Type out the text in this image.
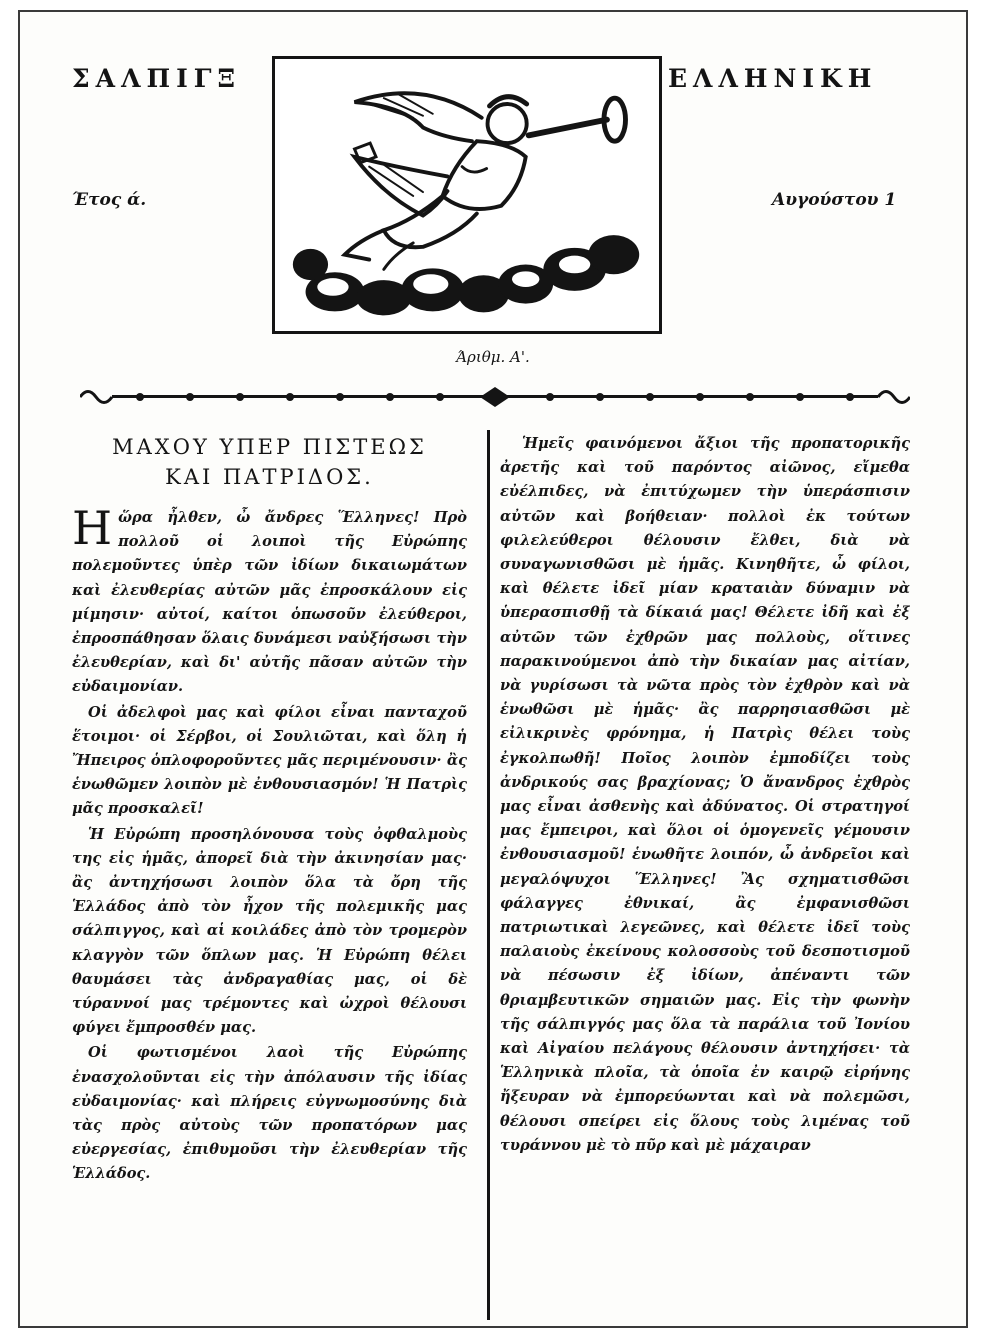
ΣΑΛΠΙΓΞ	ΕΛΛΗΝΙΚΗ
Έτος ά.	Αυγούστου 1
Άριθμ. Α'.
ΜΑΧΟΥ ΥΠΕΡ ΠΙΣΤΕΩΣ
ΚΑΙ ΠΑΤΡΙΔΟΣ.

Ηὥρα ἦλθεν, ὦ ἄνδρες Ἕλληνες! Πρὸ πολλοῦ οἱ λοιποὶ τῆς Εὐρώπης πολεμοῦντες ὑπὲρ τῶν ἰδίων δικαιωμάτων καὶ ἐλευθερίας αὐτῶν μᾶς ἐπροσκάλουν εἰς μίμησιν· αὐτοί, καίτοι ὁπωσοῦν ἐλεύθεροι, ἐπροσπάθησαν ὅλαις δυνάμεσι ναὐξήσωσι τὴν ἐλευθερίαν, καὶ δι' αὐτῆς πᾶσαν αὐτῶν τὴν εὐδαιμονίαν.

Οἱ ἀδελφοὶ μας καὶ φίλοι εἶναι πανταχοῦ ἕτοιμοι· οἱ Σέρβοι, οἱ Σουλιῶται, καὶ ὅλη ἡ Ἤπειρος ὁπλοφοροῦντες μᾶς περιμένουσιν· ἂς ἑνωθῶμεν λοιπὸν μὲ ἐνθουσιασμόν! Ἡ Πατρὶς μᾶς προσκαλεῖ!

Ἡ Εὐρώπη προσηλόνουσα τοὺς ὀφθαλμοὺς της εἰς ἡμᾶς, ἀπορεῖ διὰ τὴν ἀκινησίαν μας· ἂς ἀντηχήσωσι λοιπὸν ὅλα τὰ ὄρη τῆς Ἑλλάδος ἀπὸ τὸν ἦχον τῆς πολεμικῆς μας σάλπιγγος, καὶ αἱ κοιλάδες ἀπὸ τὸν τρομερὸν κλαγγὸν τῶν ὅπλων μας. Ἡ Εὐρώπη θέλει θαυμάσει τὰς ἀνδραγαθίας μας, οἱ δὲ τύραννοί μας τρέμοντες καὶ ὠχροὶ θέλουσι φύγει ἔμπροσθέν μας.

Οἱ φωτισμένοι λαοὶ τῆς Εὐρώπης ἐνασχολοῦνται εἰς τὴν ἀπόλαυσιν τῆς ἰδίας εὐδαιμονίας· καὶ πλήρεις εὐγνωμοσύνης διὰ τὰς πρὸς αὐτοὺς τῶν προπατόρων μας εὐεργεσίας, ἐπιθυμοῦσι τὴν ἐλευθερίαν τῆς Ἑλλάδος.

Ἡμεῖς φαινόμενοι ἄξιοι τῆς προπατορικῆς ἀρετῆς καὶ τοῦ παρόντος αἰῶνος, εἴμεθα εὐέλπιδες, νὰ ἐπιτύχωμεν τὴν ὑπεράσπισιν αὐτῶν καὶ βοήθειαν· πολλοὶ ἐκ τούτων φιλελεύθεροι θέλουσιν ἔλθει, διὰ νὰ συναγωνισθῶσι μὲ ἡμᾶς. Κινηθῆτε, ὦ φίλοι, καὶ θέλετε ἰδεῖ μίαν κραταιὰν δύναμιν νὰ ὑπερασπισθῇ τὰ δίκαιά μας! Θέλετε ἰδῆ καὶ ἐξ αὐτῶν τῶν ἐχθρῶν μας πολλοὺς, οἵτινες παρακινούμενοι ἀπὸ τὴν δικαίαν μας αἰτίαν, νὰ γυρίσωσι τὰ νῶτα πρὸς τὸν ἐχθρὸν καὶ νὰ ἑνωθῶσι μὲ ἡμᾶς· ἂς παρρησιασθῶσι μὲ εἰλικρινὲς φρόνημα, ἡ Πατρὶς θέλει τοὺς ἐγκολπωθῆ! Ποῖος λοιπὸν ἐμποδίζει τοὺς ἀνδρικούς σας βραχίονας; Ὁ ἄνανδρος ἐχθρὸς μας εἶναι ἀσθενὴς καὶ ἀδύνατος. Οἱ στρατηγοί μας ἔμπειροι, καὶ ὅλοι οἱ ὁμογενεῖς γέμουσιν ἐνθουσιασμοῦ! ἑνωθῆτε λοιπόν, ὦ ἀνδρεῖοι καὶ μεγαλόψυχοι Ἕλληνες! Ἂς σχηματισθῶσι φάλαγγες ἐθνικαί, ἂς ἐμφανισθῶσι πατριωτικαὶ λεγεῶνες, καὶ θέλετε ἰδεῖ τοὺς παλαιοὺς ἐκείνους κολοσσοὺς τοῦ δεσποτισμοῦ νὰ πέσωσιν ἐξ ἰδίων, ἀπέναντι τῶν θριαμβευτικῶν σημαιῶν μας. Εἰς τὴν φωνὴν τῆς σάλπιγγός μας ὅλα τὰ παράλια τοῦ Ἰονίου καὶ Αἰγαίου πελάγους θέλουσιν ἀντηχήσει· τὰ Ἑλληνικὰ πλοῖα, τὰ ὁποῖα ἐν καιρῷ εἰρήνης ἤξευραν νὰ ἐμπορεύωνται καὶ νὰ πολεμῶσι, θέλουσι σπείρει εἰς ὅλους τοὺς λιμένας τοῦ τυράννου μὲ τὸ πῦρ καὶ μὲ μάχαιραν
